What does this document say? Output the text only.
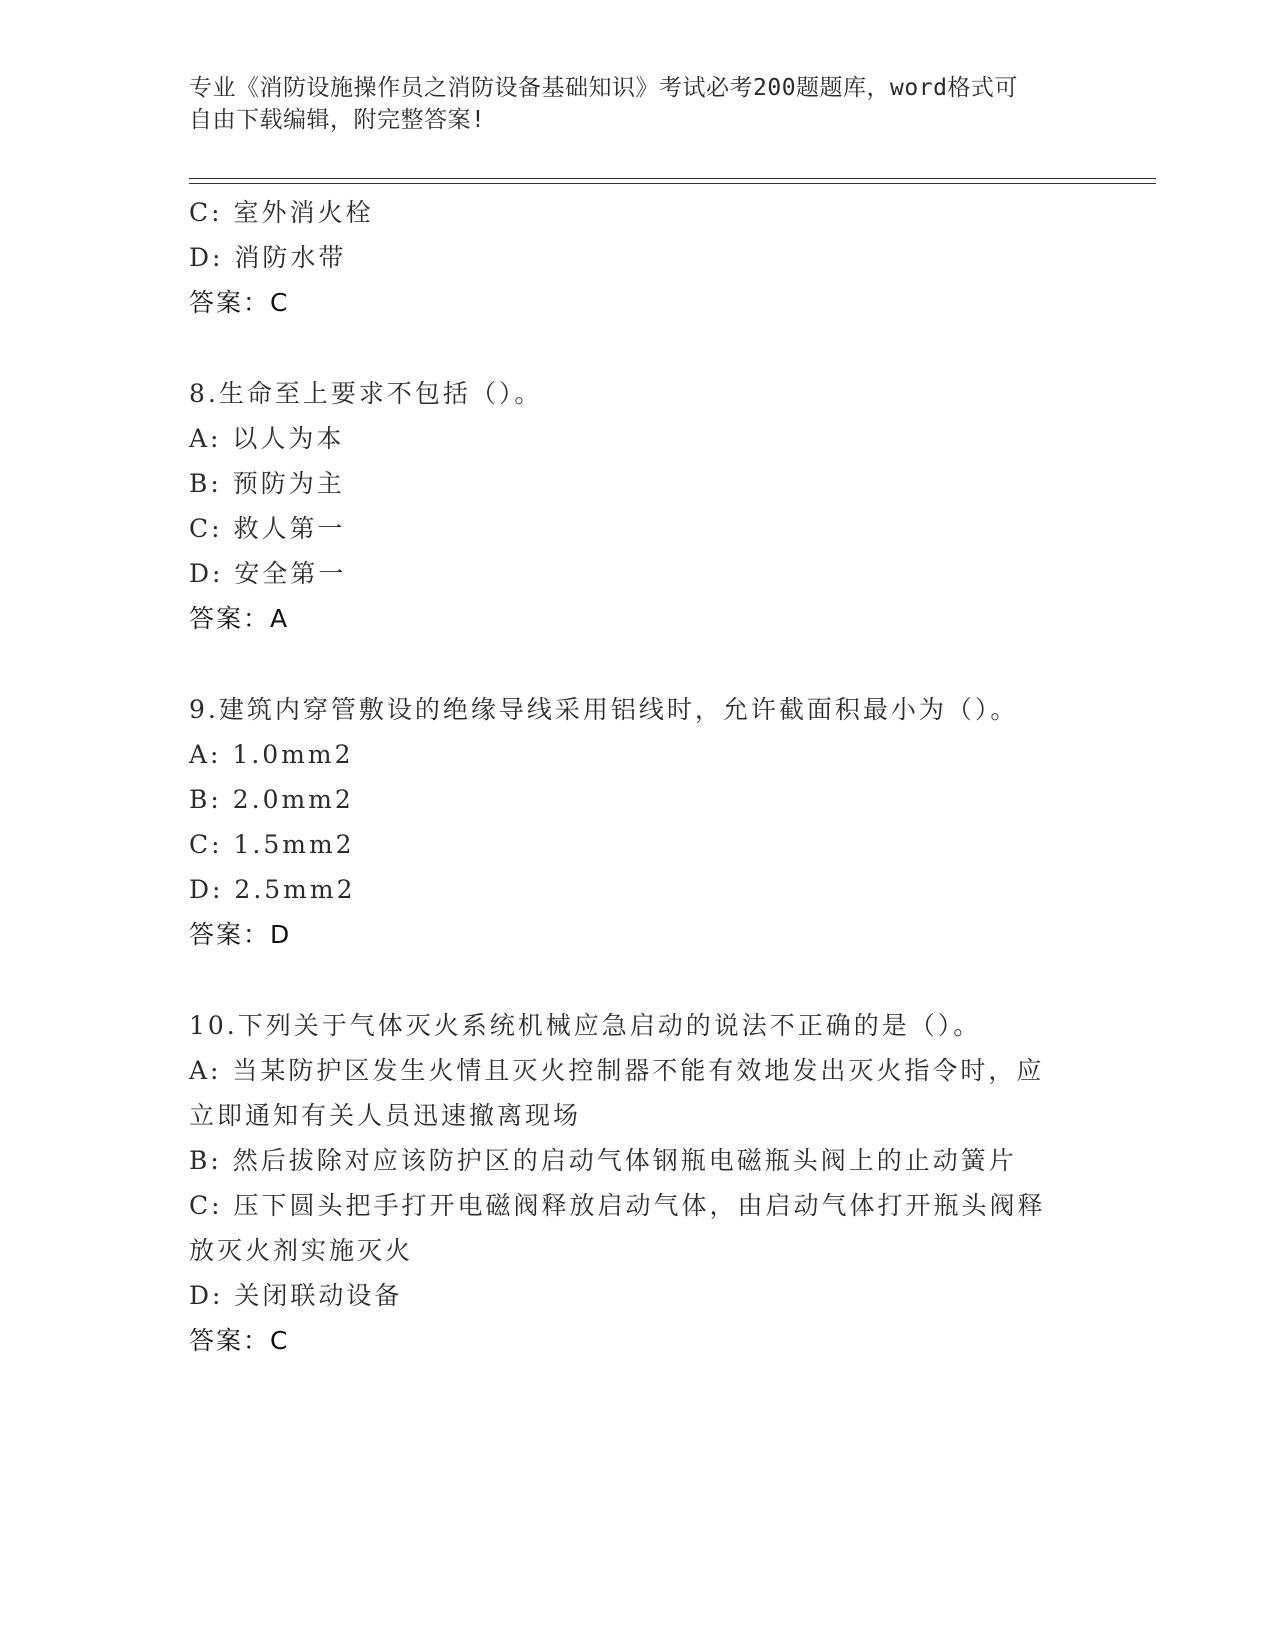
专业《消防设施操作员之消防设备基础知识》考试必考200题题库，word格式可
自由下载编辑，附完整答案!
C: 室外消火栓
D: 消防水带
答案：C
8.生命至上要求不包括（）。
A: 以人为本
B: 预防为主
C: 救人第一
D: 安全第一
答案：A
9.建筑内穿管敷设的绝缘导线采用铝线时，允许截面积最小为（）。
A: 1.0mm2
B: 2.0mm2
C: 1.5mm2
D: 2.5mm2
答案：D
10.下列关于气体灭火系统机械应急启动的说法不正确的是（）。
A: 当某防护区发生火情且灭火控制器不能有效地发出灭火指令时，应
立即通知有关人员迅速撤离现场
B: 然后拔除对应该防护区的启动气体钢瓶电磁瓶头阀上的止动簧片
C: 压下圆头把手打开电磁阀释放启动气体，由启动气体打开瓶头阀释
放灭火剂实施灭火
D: 关闭联动设备
答案：C
